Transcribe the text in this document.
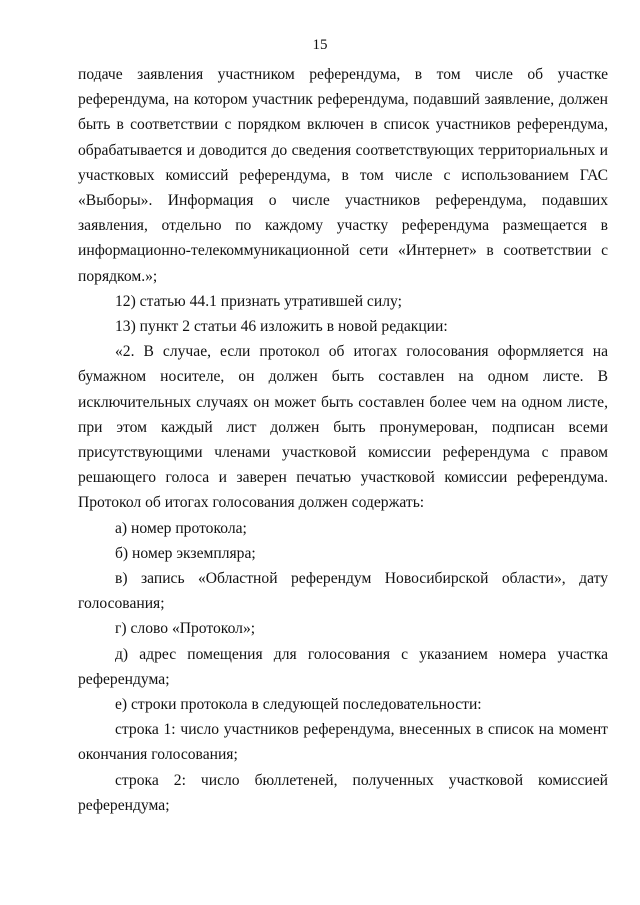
15

подаче заявления участником референдума, в том числе об участке референдума, на котором участник референдума, подавший заявление, должен быть в соответствии с порядком включен в список участников референдума, обрабатывается и доводится до сведения соответствующих территориальных и участковых комиссий референдума, в том числе с использованием ГАС «Выборы». Информация о числе участников референдума, подавших заявления, отдельно по каждому участку референдума размещается в информационно-телекоммуникационной сети «Интернет» в соответствии с порядком.»;

12) статью 44.1 признать утратившей силу;

13) пункт 2 статьи 46 изложить в новой редакции:

«2. В случае, если протокол об итогах голосования оформляется на бумажном носителе, он должен быть составлен на одном листе. В исключительных случаях он может быть составлен более чем на одном листе, при этом каждый лист должен быть пронумерован, подписан всеми присутствующими членами участковой комиссии референдума с правом решающего голоса и заверен печатью участковой комиссии референдума. Протокол об итогах голосования должен содержать:

а) номер протокола;

б) номер экземпляра;

в) запись «Областной референдум Новосибирской области», дату голосования;

г) слово «Протокол»;

д) адрес помещения для голосования с указанием номера участка референдума;

е) строки протокола в следующей последовательности:

строка 1: число участников референдума, внесенных в список на момент окончания голосования;

строка 2: число бюллетеней, полученных участковой комиссией референдума;
